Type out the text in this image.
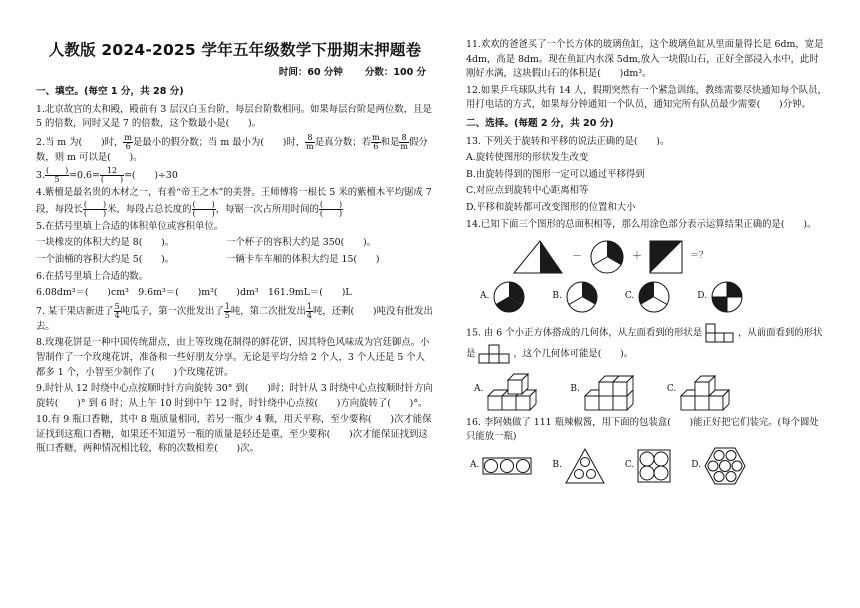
人教版 2024-2025 学年五年级数学下册期末押题卷
时间：60 分钟 分数：100 分
一、填空。(每空 1 分，共 28 分)

1.北京故宫的太和殿，殿前有 3 层汉白玉台阶，每层台阶数相同。如果每层台阶是两位数，且是 5 的倍数，同时又是 7 的倍数，这个数最小是(　　)。

2.当 m 为(　　)时， $\frac{m}{6}$ 是最小的假分数；当 m 最小为(　　)时， $\frac{8}{m}$ 是真分数；若 $\frac{m}{6}$ 和是 $\frac{8}{m}$ 假分数，则 m 可以是(　　)。

3. $\frac{( )}{5} =0.6= \frac{12}{( )}$ =(　　)÷30

4.紫檀是最名贵的木材之一，有着“帝王之木”的美誉。王师傅将一根长 5 米的紫檀木平均锯成 7 段，每段长 $\frac{( )}{( )}$ 米，每段占总长度的 $\frac{( )}{( )}$ ，每锯一次占所用时间的 $\frac{( )}{( )}$

5.在括号里填上合适的体积单位或容积单位。

一块橡皮的体积大约是 8(　　)。	一个杯子的容积大约是 350(　　)。

一个油桶的容积大约是 5(　　)。	一辆卡车车厢的体积大约是 15(　　)

6.在括号里填上合适的数。

6.08dm³＝(　　)cm³　9.6m³＝(　　)m³(　　)dm³　161.9mL＝(　　)L

7. 某干果店新进了 $\frac{5}{4}$ 吨瓜子，第一次批发出了 $\frac{1}{5}$ 吨，第二次批发出 $\frac{1}{4}$ 吨，还剩(　　)吨没有批发出去。

8.玫瑰花饼是一种中国传统甜点，由上等玫瑰花制得的鲜花饼，因其特色风味成为宫廷御点。小智制作了一个玫瑰花饼，准备和一些好朋友分享。无论是平均分给 2 个人，3 个人还是 5 个人都多 1 个，小智至少制作了(　　)个玫瑰花饼。

9.时针从 12 时绕中心点按顺时针方向旋转 30° 到(　　)时；时针从 3 时绕中心点按顺时针方向旋转(　　)° 到 6 时；从上午 10 时到中午 12 时，时针绕中心点按(　　)方向旋转了(　　)°。

10.有 9 瓶口香糖，其中 8 瓶质量相同，若另一瓶少 4 颗，用天平称，至少要称(　　)次才能保证找到这瓶口香糖，如果还不知道另一瓶的质量是轻还是重，至少要称(　　)次才能保证找到这瓶口香糖，两种情况相比较，称的次数相差(　　)次。

11.欢欢的爸爸买了一个长方体的玻璃鱼缸，这个玻璃鱼缸从里面量得长是 6dm，宽是 4dm，高是 8dm。现在鱼缸内水深 5dm,放入一块假山石，正好全部浸入水中，此时刚好水满，这块假山石的体积是(　　)dm³。

12.如果乒乓球队共有 14 人，假期突然有一个紧急训练，教练需要尽快通知每个队员，用打电话的方式，如果每分钟通知一个队员，通知完所有队员最少需要(　　)分钟。

二、选择。(每题 2 分，共 20 分)

13. 下列关于旋转和平移的说法正确的是(　　)。

A.旋转使图形的形状发生改变

B.由旋转得到的图形一定可以通过平移得到

C.对应点到旋转中心距离相等

D.平移和旋转都可改变图形的位置和大小

14.已知下面三个图形的总面积相等，那么用涂色部分表示运算结果正确的是(　　)。

－	＋	＝？
A.	B.	C.	D.

15. 由 6 个小正方体搭成的几何体，从左面看到的形状是	，从前面看到的形状是	，这个几何体可能是(　　)。

A.	B.	C.

16. 李阿姨做了 111 瓶辣椒酱，用下面的包装盒(　　)能正好把它们装完。(每个圆处只能放一瓶)

A.	B.	C.	D.
